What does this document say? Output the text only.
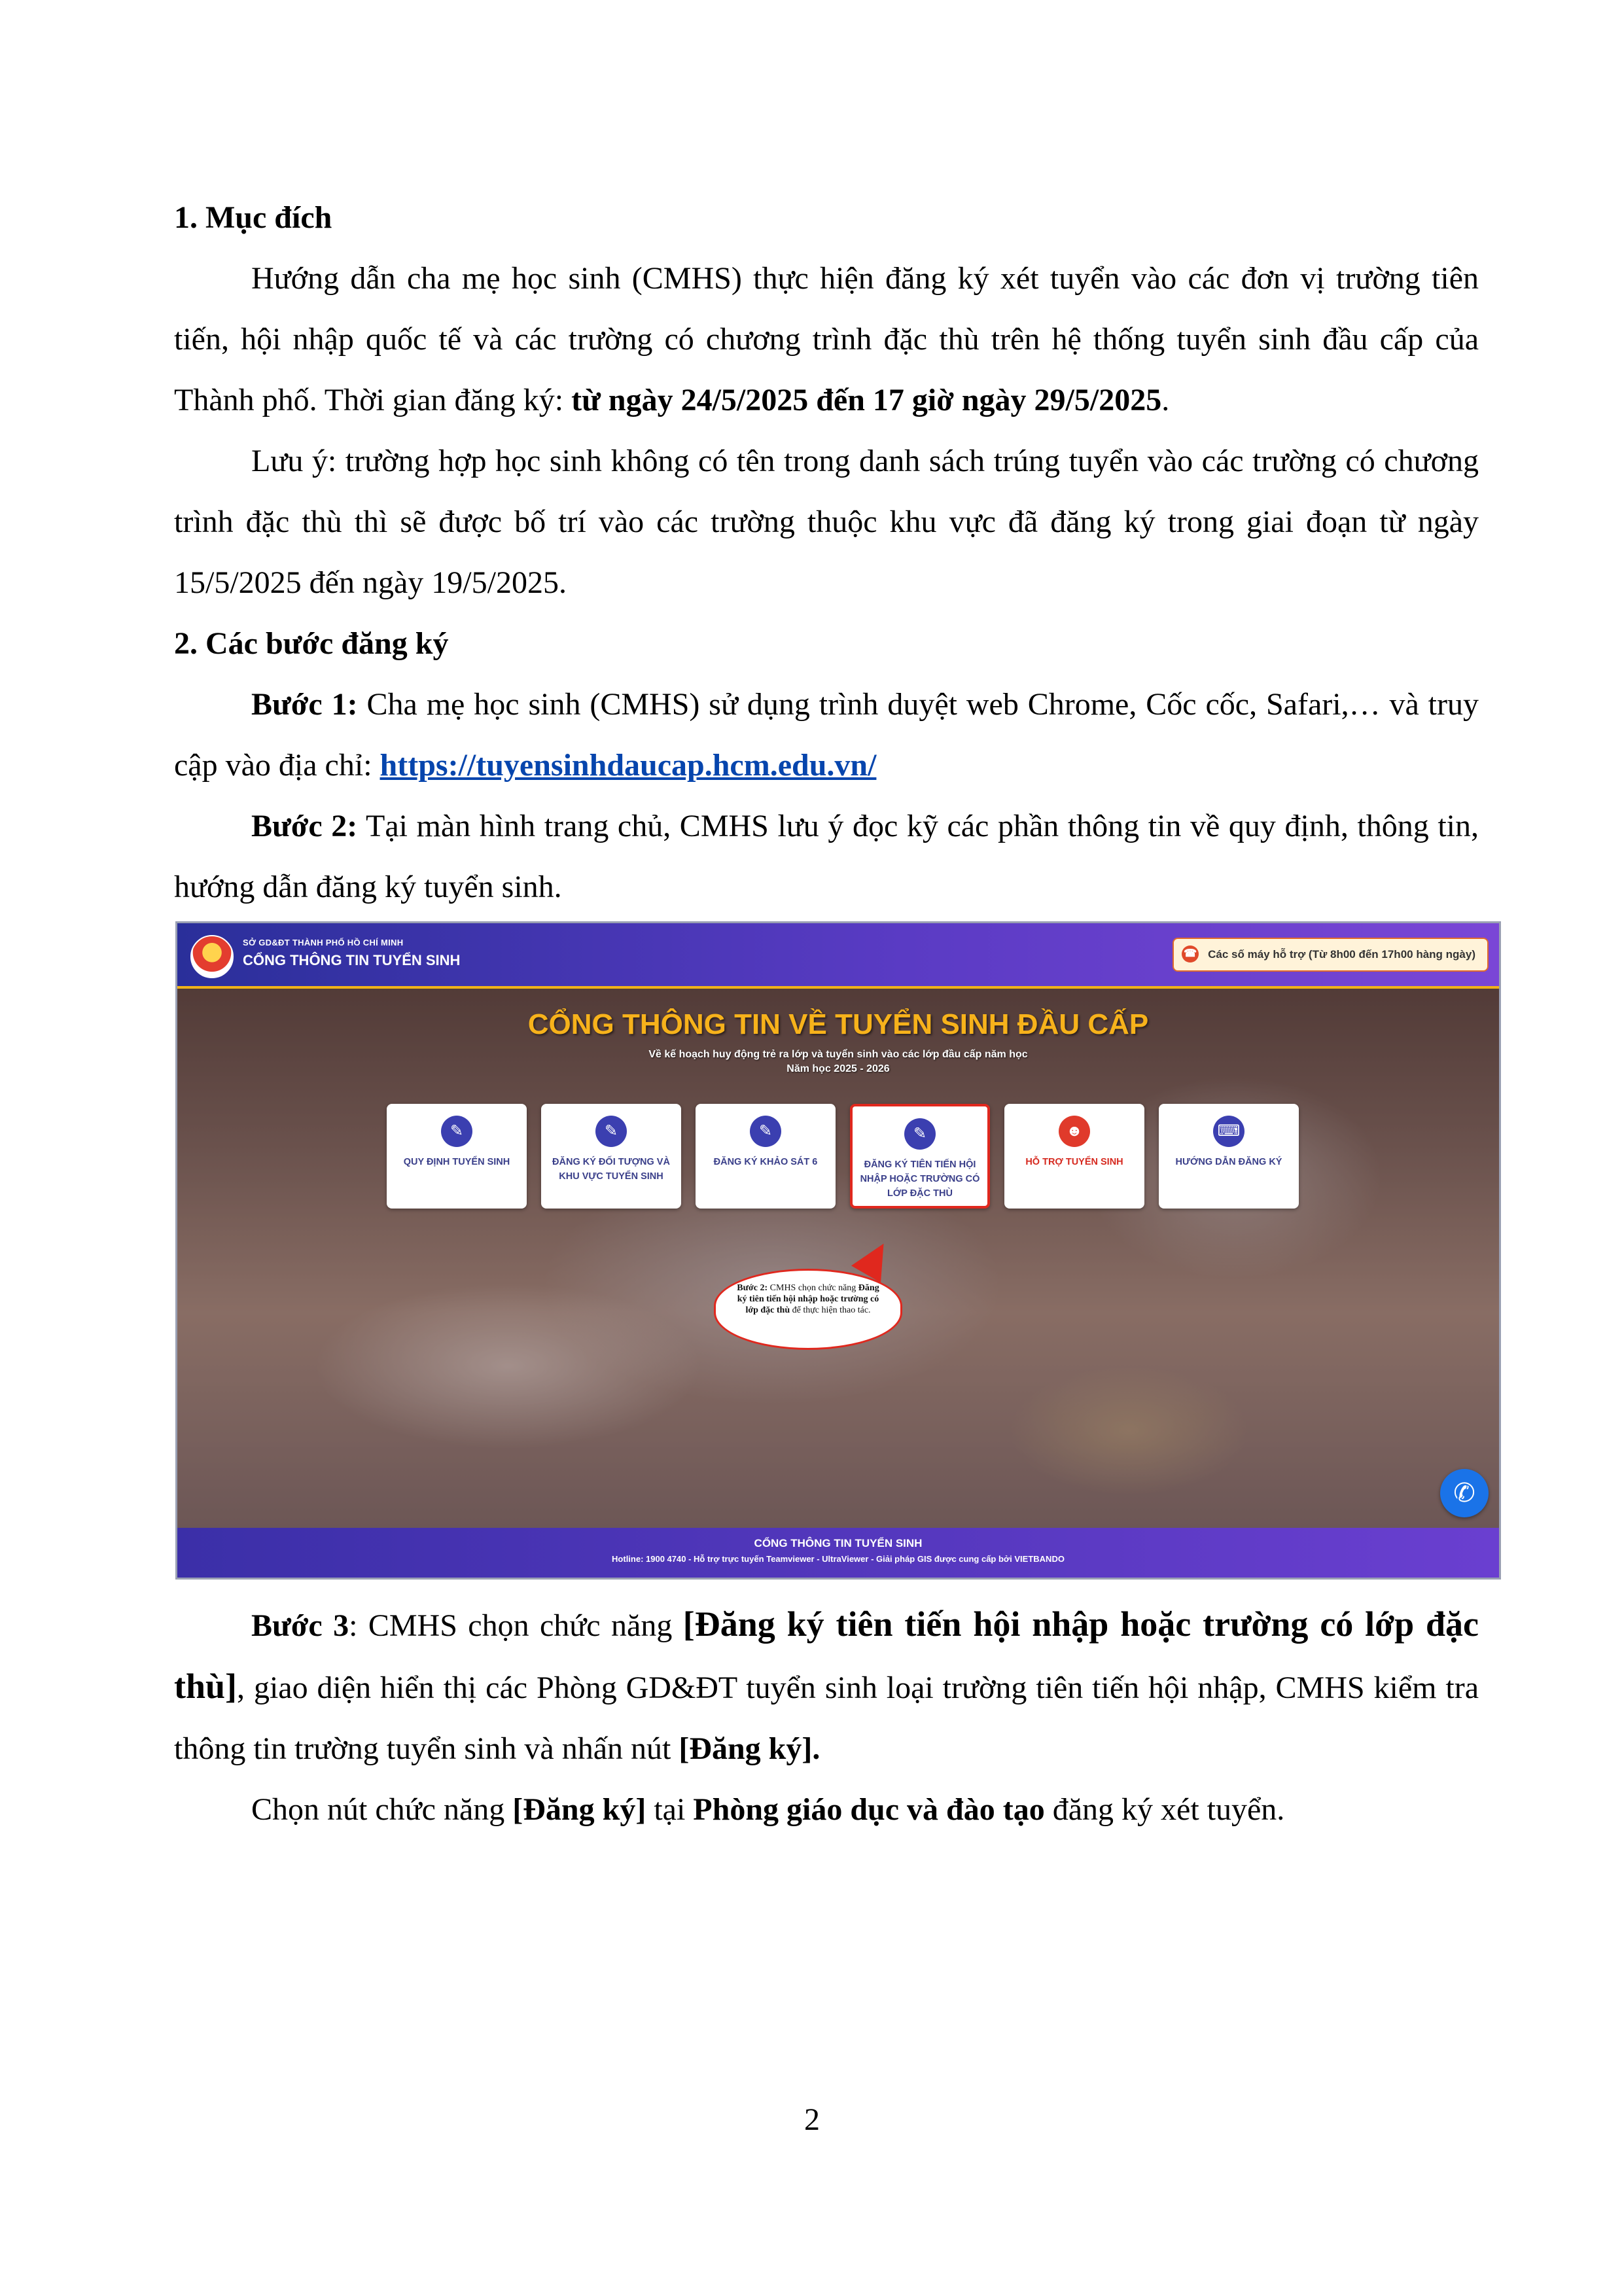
1. Mục đích

Hướng dẫn cha mẹ học sinh (CMHS) thực hiện đăng ký xét tuyển vào các đơn vị trường tiên tiến, hội nhập quốc tế và các trường có chương trình đặc thù trên hệ thống tuyển sinh đầu cấp của Thành phố. Thời gian đăng ký: từ ngày 24/5/2025 đến 17 giờ ngày 29/5/2025.

Lưu ý: trường hợp học sinh không có tên trong danh sách trúng tuyển vào các trường có chương trình đặc thù thì sẽ được bố trí vào các trường thuộc khu vực đã đăng ký trong giai đoạn từ ngày 15/5/2025 đến ngày 19/5/2025.

2. Các bước đăng ký

Bước 1: Cha mẹ học sinh (CMHS) sử dụng trình duyệt web Chrome, Cốc cốc, Safari,… và truy cập vào địa chỉ: https://tuyensinhdaucap.hcm.edu.vn/

Bước 2: Tại màn hình trang chủ, CMHS lưu ý đọc kỹ các phần thông tin về quy định, thông tin, hướng dẫn đăng ký tuyển sinh.

SỞ GD&ĐT THÀNH PHỐ HỒ CHÍ MINH
CỔNG THÔNG TIN TUYỂN SINH	☎ Các số máy hỗ trợ (Từ 8h00 đến 17h00 hàng ngày)
CỔNG THÔNG TIN VỀ TUYỂN SINH ĐẦU CẤP
Về kế hoạch huy động trẻ ra lớp và tuyển sinh vào các lớp đầu cấp năm học
Năm học 2025 - 2026
✎
QUY ĐỊNH TUYỂN SINH
✎
ĐĂNG KÝ ĐỐI TƯỢNG VÀ KHU VỰC TUYỂN SINH
✎
ĐĂNG KÝ KHẢO SÁT 6
✎
ĐĂNG KÝ TIÊN TIẾN HỘI NHẬP HOẶC TRƯỜNG CÓ LỚP ĐẶC THÙ
☻
HỖ TRỢ TUYỂN SINH
⌨
HƯỚNG DẪN ĐĂNG KÝ
Bước 2: CMHS chọn chức năng Đăng ký tiên tiến hội nhập hoặc trường có lớp đặc thù để thực hiện thao tác.
✆
CỔNG THÔNG TIN TUYỂN SINH
Hotline: 1900 4740 - Hỗ trợ trực tuyến Teamviewer - UltraViewer - Giải pháp GIS được cung cấp bởi VIETBANDO

Bước 3: CMHS chọn chức năng [Đăng ký tiên tiến hội nhập hoặc trường có lớp đặc thù], giao diện hiển thị các Phòng GD&ĐT tuyển sinh loại trường tiên tiến hội nhập, CMHS kiểm tra thông tin trường tuyển sinh và nhấn nút [Đăng ký].

Chọn nút chức năng [Đăng ký] tại Phòng giáo dục và đào tạo đăng ký xét tuyển.

2
